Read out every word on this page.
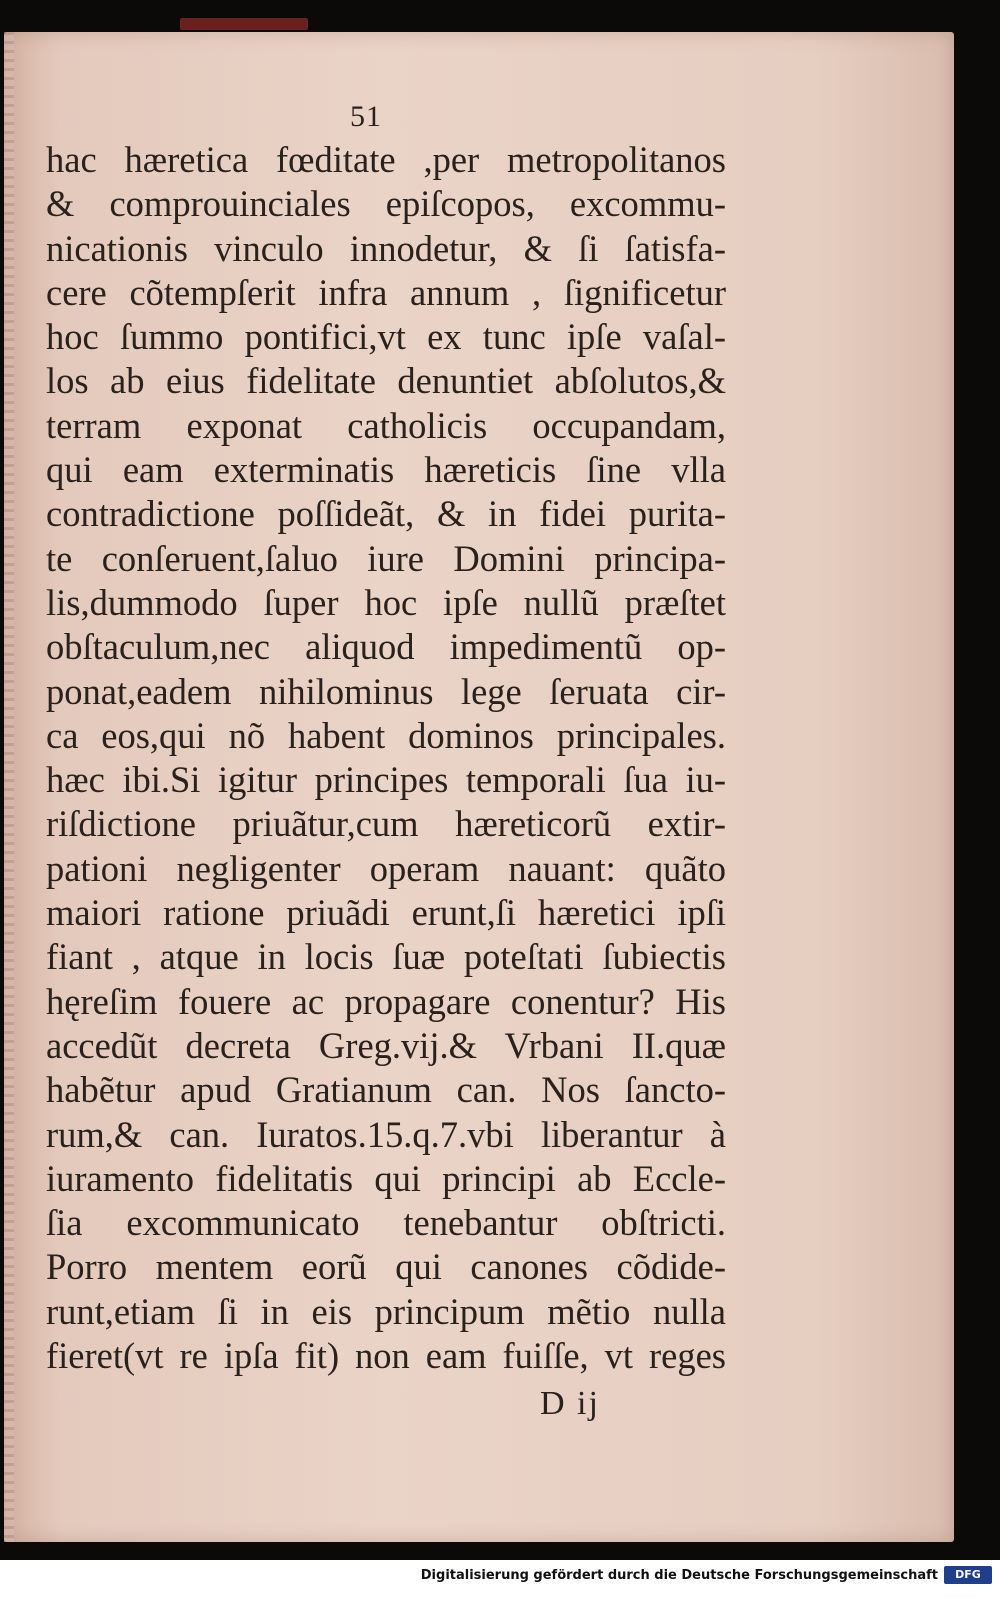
51
hac hæretica fœditate ,per metropolitanos
& comprouinciales epiſcopos, excommu-
nicationis vinculo innodetur, & ſi ſatisfa-
cere cõtempſerit infra annum , ſignificetur
hoc ſummo pontifici,vt ex tunc ipſe vaſal-
los ab eius fidelitate denuntiet abſolutos,&
terram exponat catholicis occupandam,
qui eam exterminatis hæreticis ſine vlla
contradictione poſſideãt, & in fidei purita-
te conſeruent,ſaluo iure Domini principa-
lis,dummodo ſuper hoc ipſe nullũ præſtet
obſtaculum,nec aliquod impedimentũ op-
ponat,eadem nihilominus lege ſeruata cir-
ca eos,qui nõ habent dominos principales.
hæc ibi.Si igitur principes temporali ſua iu-
riſdictione priuãtur,cum hæreticorũ extir-
pationi negligenter operam nauant: quãto
maiori ratione priuãdi erunt,ſi hæretici ipſi
fiant , atque in locis ſuæ poteſtati ſubiectis
hęreſim fouere ac propagare conentur? His
accedũt decreta Greg.vij.& Vrbani II.quæ
habẽtur apud Gratianum can. Nos ſancto-
rum,& can. Iuratos.15.q.7.vbi liberantur à
iuramento fidelitatis qui principi ab Eccle-
ſia excommunicato tenebantur obſtricti.
Porro mentem eorũ qui canones cõdide-
runt,etiam ſi in eis principum mẽtio nulla
fieret(vt re ipſa fit) non eam fuiſſe, vt reges
D ij
Digitalisierung gefördert durch die Deutsche Forschungsgemeinschaft	DFG
